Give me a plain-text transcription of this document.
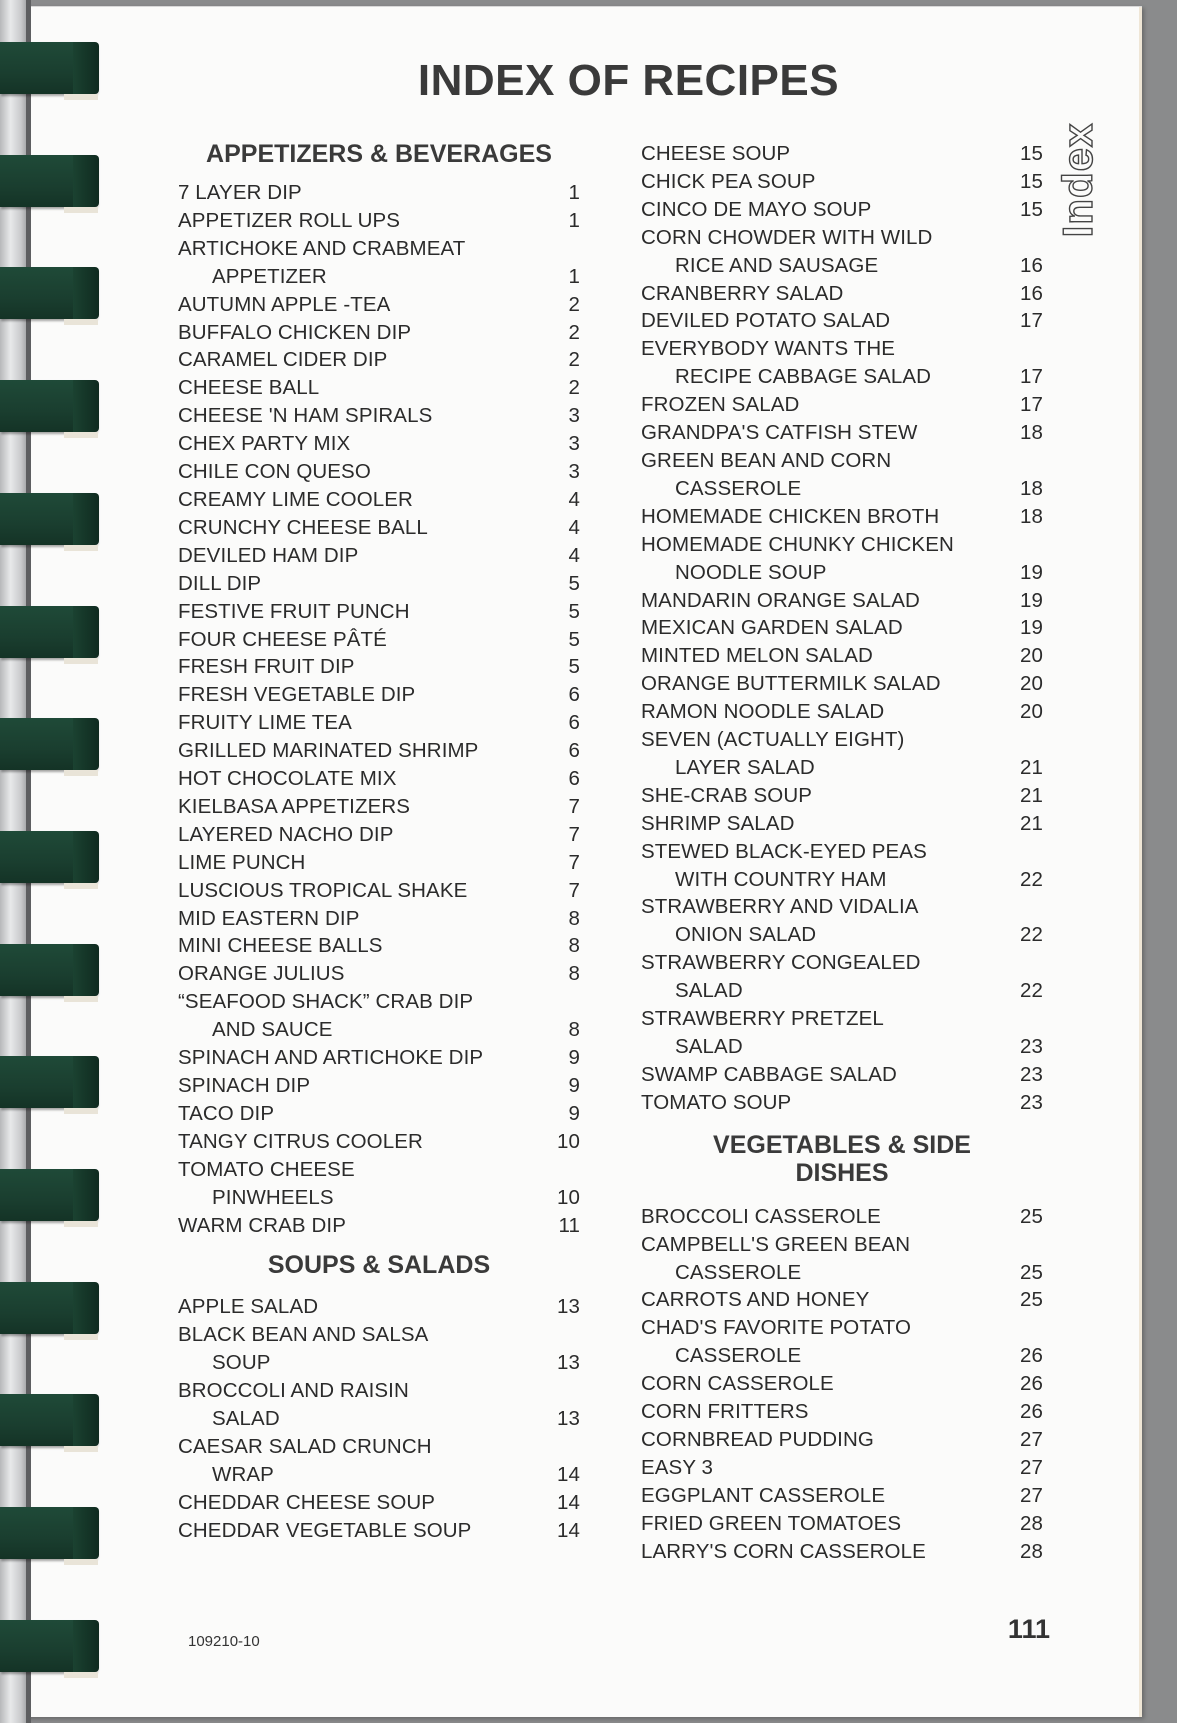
INDEX OF RECIPES
Index
APPETIZERS & BEVERAGES
7 LAYER DIP	1
APPETIZER ROLL UPS	1
ARTICHOKE AND CRABMEAT
APPETIZER	1
AUTUMN APPLE -TEA	2
BUFFALO CHICKEN DIP	2
CARAMEL CIDER DIP	2
CHEESE BALL	2
CHEESE 'N HAM SPIRALS	3
CHEX PARTY MIX	3
CHILE CON QUESO	3
CREAMY LIME COOLER	4
CRUNCHY CHEESE BALL	4
DEVILED HAM DIP	4
DILL DIP	5
FESTIVE FRUIT PUNCH	5
FOUR CHEESE PÂTÉ	5
FRESH FRUIT DIP	5
FRESH VEGETABLE DIP	6
FRUITY LIME TEA	6
GRILLED MARINATED SHRIMP	6
HOT CHOCOLATE MIX	6
KIELBASA APPETIZERS	7
LAYERED NACHO DIP	7
LIME PUNCH	7
LUSCIOUS TROPICAL SHAKE	7
MID EASTERN DIP	8
MINI CHEESE BALLS	8
ORANGE JULIUS	8
“SEAFOOD SHACK” CRAB DIP
AND SAUCE	8
SPINACH AND ARTICHOKE DIP	9
SPINACH DIP	9
TACO DIP	9
TANGY CITRUS COOLER	10
TOMATO CHEESE
PINWHEELS	10
WARM CRAB DIP	11
SOUPS & SALADS
APPLE SALAD	13
BLACK BEAN AND SALSA
SOUP	13
BROCCOLI AND RAISIN
SALAD	13
CAESAR SALAD CRUNCH
WRAP	14
CHEDDAR CHEESE SOUP	14
CHEDDAR VEGETABLE SOUP	14
CHEESE SOUP	15
CHICK PEA SOUP	15
CINCO DE MAYO SOUP	15
CORN CHOWDER WITH WILD
RICE AND SAUSAGE	16
CRANBERRY SALAD	16
DEVILED POTATO SALAD	17
EVERYBODY WANTS THE
RECIPE CABBAGE SALAD	17
FROZEN SALAD	17
GRANDPA'S CATFISH STEW	18
GREEN BEAN AND CORN
CASSEROLE	18
HOMEMADE CHICKEN BROTH	18
HOMEMADE CHUNKY CHICKEN
NOODLE SOUP	19
MANDARIN ORANGE SALAD	19
MEXICAN GARDEN SALAD	19
MINTED MELON SALAD	20
ORANGE BUTTERMILK SALAD	20
RAMON NOODLE SALAD	20
SEVEN (ACTUALLY EIGHT)
LAYER SALAD	21
SHE-CRAB SOUP	21
SHRIMP SALAD	21
STEWED BLACK-EYED PEAS
WITH COUNTRY HAM	22
STRAWBERRY AND VIDALIA
ONION SALAD	22
STRAWBERRY CONGEALED
SALAD	22
STRAWBERRY PRETZEL
SALAD	23
SWAMP CABBAGE SALAD	23
TOMATO SOUP	23
VEGETABLES & SIDE
DISHES
BROCCOLI CASSEROLE	25
CAMPBELL'S GREEN BEAN
CASSEROLE	25
CARROTS AND HONEY	25
CHAD'S FAVORITE POTATO
CASSEROLE	26
CORN CASSEROLE	26
CORN FRITTERS	26
CORNBREAD PUDDING	27
EASY 3	27
EGGPLANT CASSEROLE	27
FRIED GREEN TOMATOES	28
LARRY'S CORN CASSEROLE	28
109210-10	111
